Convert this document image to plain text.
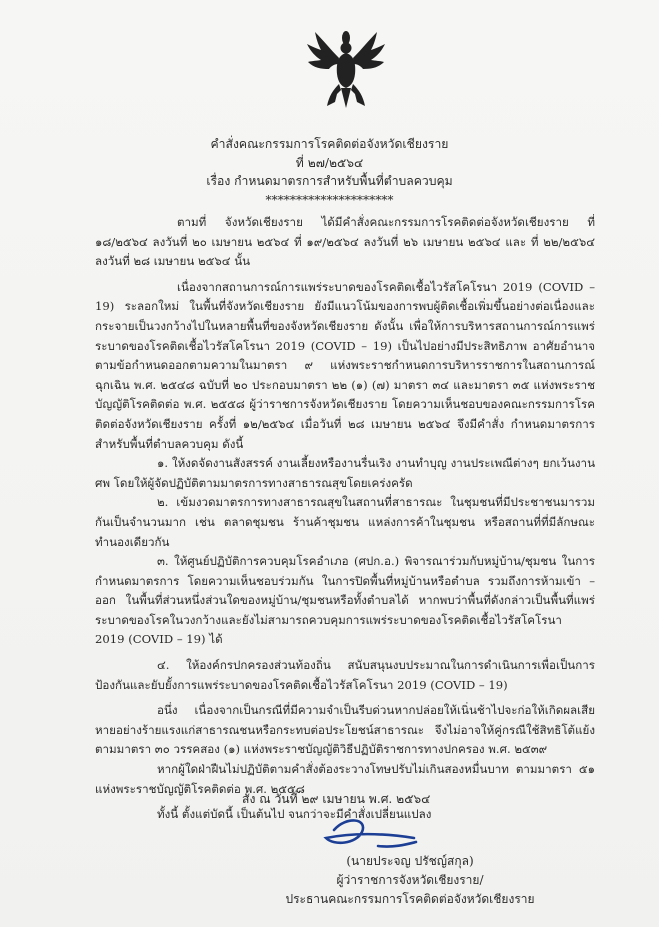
คำสั่งคณะกรรมการโรคติดต่อจังหวัดเชียงราย
ที่ ๒๗/๒๕๖๔
เรื่อง กำหนดมาตรการสำหรับพื้นที่ตำบลควบคุม
*********************

ตามที่ จังหวัดเชียงราย ได้มีคำสั่งคณะกรรมการโรคติดต่อจังหวัดเชียงราย ที่ ๑๘/๒๕๖๔ ลงวันที่ ๒๐ เมษายน ๒๕๖๔ ที่ ๑๙/๒๕๖๔ ลงวันที่ ๒๖ เมษายน ๒๕๖๔ และ ที่ ๒๒/๒๕๖๔ ลงวันที่ ๒๘ เมษายน ๒๕๖๔ นั้น

เนื่องจากสถานการณ์การแพร่ระบาดของโรคติดเชื้อไวรัสโคโรนา 2019 (COVID – 19) ระลอกใหม่ ในพื้นที่จังหวัดเชียงราย ยังมีแนวโน้มของการพบผู้ติดเชื้อเพิ่มขึ้นอย่างต่อเนื่องและกระจายเป็นวงกว้างไปในหลายพื้นที่ของจังหวัดเชียงราย ดังนั้น เพื่อให้การบริหารสถานการณ์การแพร่ระบาดของโรคติดเชื้อไวรัสโคโรนา 2019 (COVID – 19) เป็นไปอย่างมีประสิทธิภาพ อาศัยอำนาจตามข้อกำหนดออกตามความในมาตรา ๙ แห่งพระราชกำหนดการบริหารราชการในสถานการณ์ฉุกเฉิน พ.ศ. ๒๕๔๘ ฉบับที่ ๒๐ ประกอบมาตรา ๒๒ (๑) (๗) มาตรา ๓๔ และมาตรา ๓๕ แห่งพระราชบัญญัติโรคติดต่อ พ.ศ. ๒๕๕๘ ผู้ว่าราชการจังหวัดเชียงราย โดยความเห็นชอบของคณะกรรมการโรคติดต่อจังหวัดเชียงราย ครั้งที่ ๑๒/๒๕๖๔ เมื่อวันที่ ๒๘ เมษายน ๒๕๖๔ จึงมีคำสั่ง กำหนดมาตรการสำหรับพื้นที่ตำบลควบคุม ดังนี้

๑. ให้งดจัดงานสังสรรค์ งานเลี้ยงหรืองานรื่นเริง งานทำบุญ งานประเพณีต่างๆ ยกเว้นงานศพ โดยให้ผู้จัดปฏิบัติตามมาตรการทางสาธารณสุขโดยเคร่งครัด

๒. เข้มงวดมาตรการทางสาธารณสุขในสถานที่สาธารณะ ในชุมชนที่มีประชาชนมารวมกันเป็นจำนวนมาก เช่น ตลาดชุมชน ร้านค้าชุมชน แหล่งการค้าในชุมชน หรือสถานที่ที่มีลักษณะทำนองเดียวกัน

๓. ให้ศูนย์ปฏิบัติการควบคุมโรคอำเภอ (ศปก.อ.) พิจารณาร่วมกับหมู่บ้าน/ชุมชน ในการกำหนดมาตรการ โดยความเห็นชอบร่วมกัน ในการปิดพื้นที่หมู่บ้านหรือตำบล รวมถึงการห้ามเข้า – ออก ในพื้นที่ส่วนหนึ่งส่วนใดของหมู่บ้าน/ชุมชนหรือทั้งตำบลได้ หากพบว่าพื้นที่ดังกล่าวเป็นพื้นที่แพร่ระบาดของโรคในวงกว้างและยังไม่สามารถควบคุมการแพร่ระบาดของโรคติดเชื้อไวรัสโคโรนา 2019 (COVID – 19) ได้

๔. ให้องค์กรปกครองส่วนท้องถิ่น สนับสนุนงบประมาณในการดำเนินการเพื่อเป็นการป้องกันและยับยั้งการแพร่ระบาดของโรคติดเชื้อไวรัสโคโรนา 2019 (COVID – 19)

อนึ่ง เนื่องจากเป็นกรณีที่มีความจำเป็นรีบด่วนหากปล่อยให้เนิ่นช้าไปจะก่อให้เกิดผลเสียหายอย่างร้ายแรงแก่สาธารณชนหรือกระทบต่อประโยชน์สาธารณะ จึงไม่อาจให้คู่กรณีใช้สิทธิโต้แย้ง ตามมาตรา ๓๐ วรรคสอง (๑) แห่งพระราชบัญญัติวิธีปฏิบัติราชการทางปกครอง พ.ศ. ๒๕๓๙

หากผู้ใดฝ่าฝืนไม่ปฏิบัติตามคำสั่งต้องระวางโทษปรับไม่เกินสองหมื่นบาท ตามมาตรา ๕๑ แห่งพระราชบัญญัติโรคติดต่อ พ.ศ. ๒๕๕๘

ทั้งนี้ ตั้งแต่บัดนี้ เป็นต้นไป จนกว่าจะมีคำสั่งเปลี่ยนแปลง

สั่ง ณ วันที่ ๒๙ เมษายน พ.ศ. ๒๕๖๔
(นายประจญ ปรัชญ์สกุล)
ผู้ว่าราชการจังหวัดเชียงราย/
ประธานคณะกรรมการโรคติดต่อจังหวัดเชียงราย
